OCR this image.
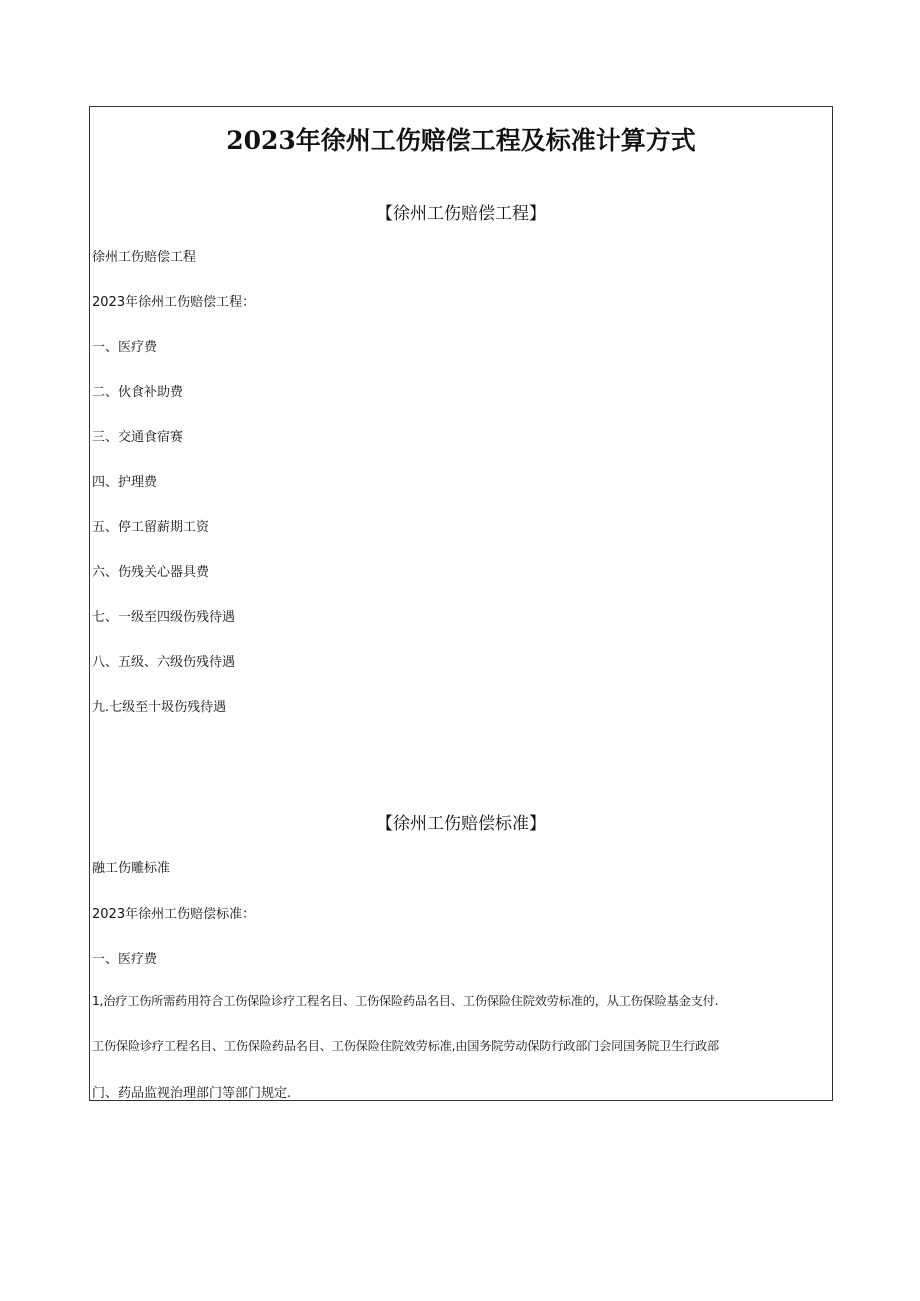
2023年徐州工伤赔偿工程及标准计算方式
【徐州工伤赔偿工程】
徐州工伤赔偿工程
2023年徐州工伤赔偿工程：
一、医疗费
二、伙食补助费
三、交通食宿赛
四、护理费
五、停工留薪期工资
六、伤残关心器具费
七、一级至四级伤残待遇
八、五级、六级伤残待遇
九.七级至十圾伤残待遇
【徐州工伤赔偿标准】
融工伤雕标准
2023年徐州工伤赔偿标准：
一、医疗费
1,治疗工伤所需药用符合工伤保险诊疗工程名目、工伤保险药品名目、工伤保险住院效劳标准的，从工伤保险基金支付.
工伤保险诊疗工程名目、工伤保险药品名目、工伤保险住院效劳标准,由国务院劳动保防行政部门会同国务院卫生行政部
门、药品监视治理部门等部门规定.
